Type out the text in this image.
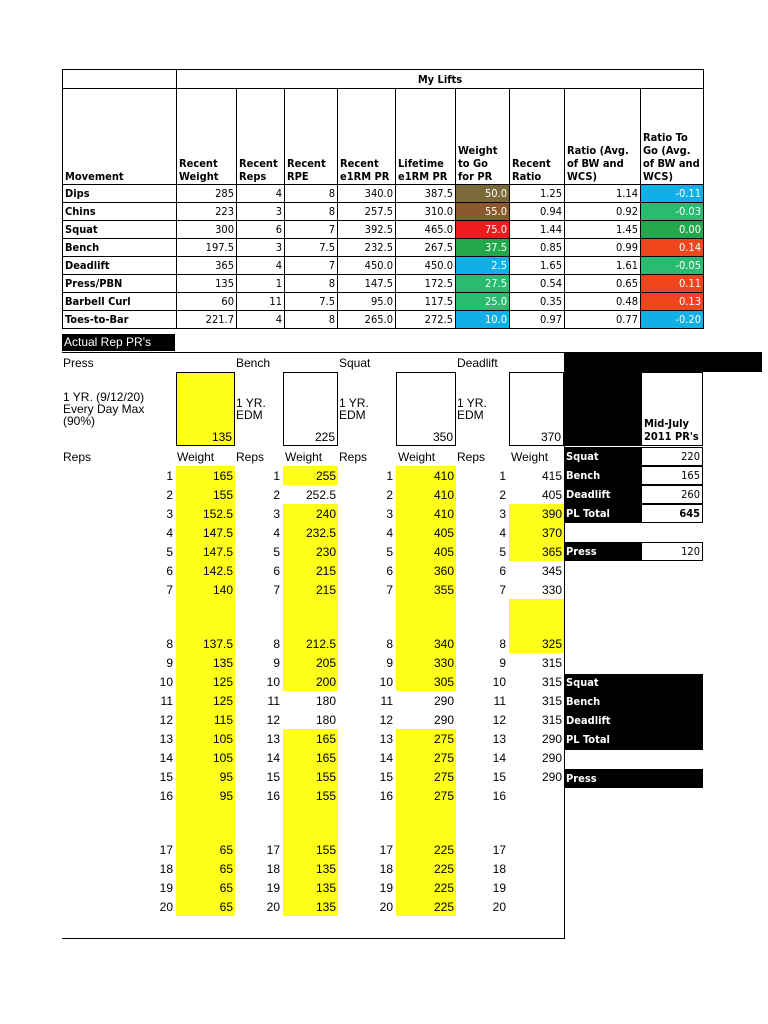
	My Lifts								
Movement	Recent Weight	Recent Reps	Recent RPE	Recent e1RM PR	Lifetime e1RM PR	Weight to Go for PR	Recent Ratio	Ratio (Avg. of BW and WCS)	Ratio To Go (Avg. of BW and WCS)
Dips	285	4	8	340.0	387.5	50.0	1.25	1.14	-0.11
Chins	223	3	8	257.5	310.0	55.0	0.94	0.92	-0.03
Squat	300	6	7	392.5	465.0	75.0	1.44	1.45	0.00
Bench	197.5	3	7.5	232.5	267.5	37.5	0.85	0.99	0.14
Deadlift	365	4	7	450.0	450.0	2.5	1.65	1.61	-0.05
Press/PBN	135	1	8	147.5	172.5	27.5	0.54	0.65	0.11
Barbell Curl	60	11	7.5	95.0	117.5	25.0	0.35	0.48	0.13
Toes-to-Bar	221.7	4	8	265.0	272.5	10.0	0.97	0.77	-0.20
Actual Rep PR's
Press	Bench	Squat	Deadlift
1 YR. (9/12/20) Every Day Max (90%)
1 YR. EDM
1 YR. EDM
1 YR. EDM
135	225	350	370
Reps	Weight Reps Weight Reps	Weight Reps Weight
1	165	1	255	1	410	1	415
2	155	2	252.5	2	410	2	405
3	152.5	3	240	3	410	3	390
4	147.5	4	232.5	4	405	4	370
5	147.5	5	230	5	405	5	365
6	142.5	6	215	6	360	6	345
7	140	7	215	7	355	7	330
8	137.5	8	212.5	8	340	8	325
9	135	9	205	9	330	9	315
10	125	10	200	10	305	10	315
11	125	11	180	11	290	11	315
12	115	12	180	12	290	12	315
13	105	13	165	13	275	13	290
14	105	14	165	14	275	14	290
15	95	15	155	15	275	15	290
16	95	16	155	16	275	16
17	65	17	155	17	225	17
18	65	18	135	18	225	18
19	65	19	135	19	225	19
20	65	20	135	20	225	20
Mid-July 2011 PR's
Squat	220
Bench	165
Deadlift	260
PL Total	645
Press	120
Squat
Bench
Deadlift
PL Total
Press
